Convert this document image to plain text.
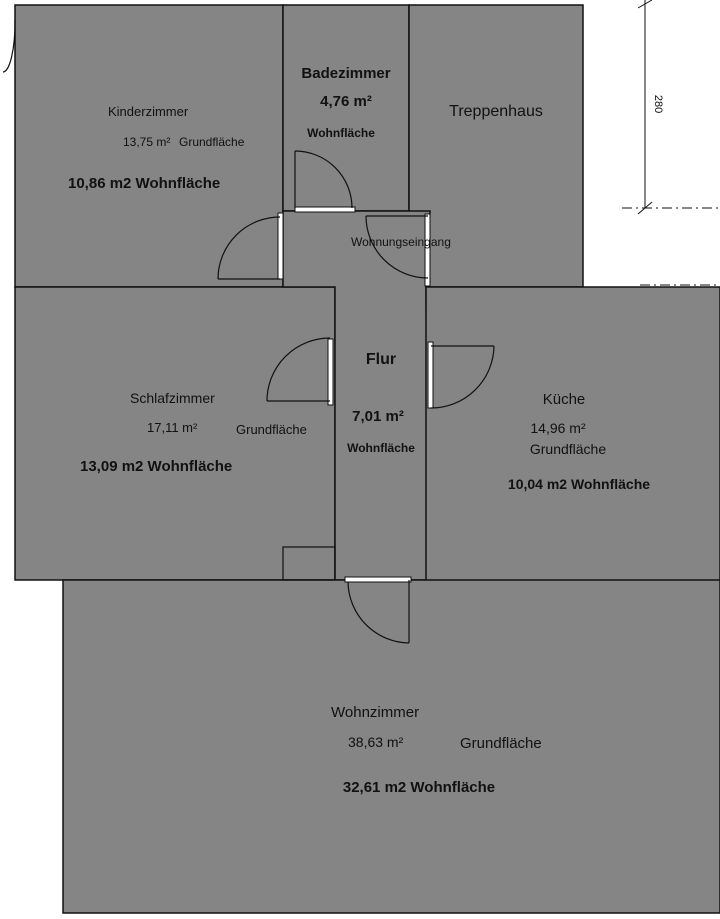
280
Kinderzimmer
13,75 m² Grundfläche
10,86 m2 Wohnfläche
Badezimmer
4,76 m²
Wohnfläche
Treppenhaus
Wohnungseingang
Schlafzimmer
17,11 m²	Grundfläche
13,09 m2 Wohnfläche
Flur
7,01 m²
Wohnfläche
Küche
14,96 m²
Grundfläche
10,04 m2 Wohnfläche
Wohnzimmer
38,63 m²	Grundfläche
32,61 m2 Wohnfläche
